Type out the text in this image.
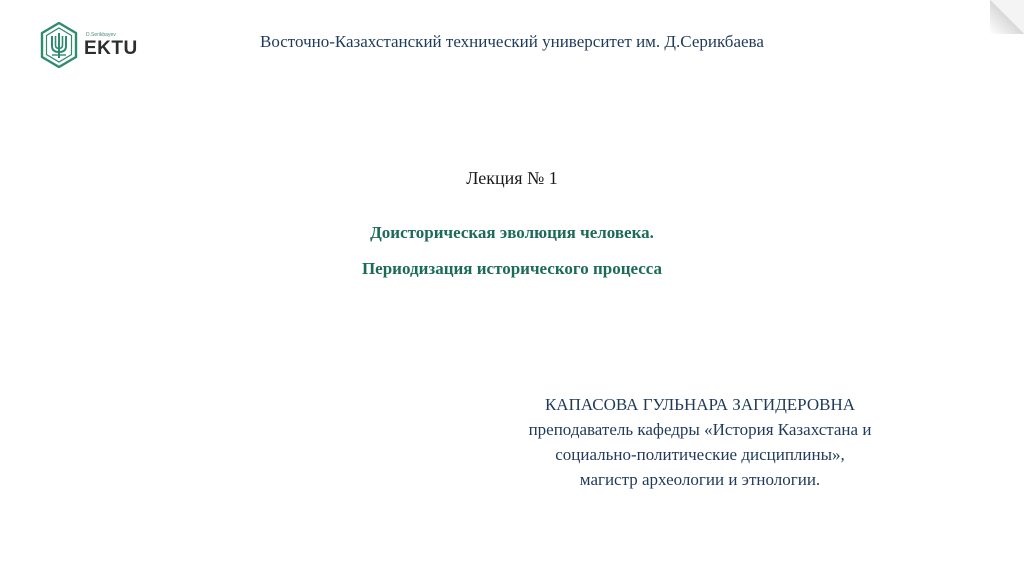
D.Serikbayev
EKTU	Восточно-Казахстанский технический университет им. Д.Серикбаева
Лекция № 1
Доисторическая эволюция человека.
Периодизация исторического процесса
КАПАСОВА ГУЛЬНАРА ЗАГИДЕРОВНА
преподаватель кафедры «История Казахстана и
социально-политические дисциплины»,
магистр археологии и этнологии.
